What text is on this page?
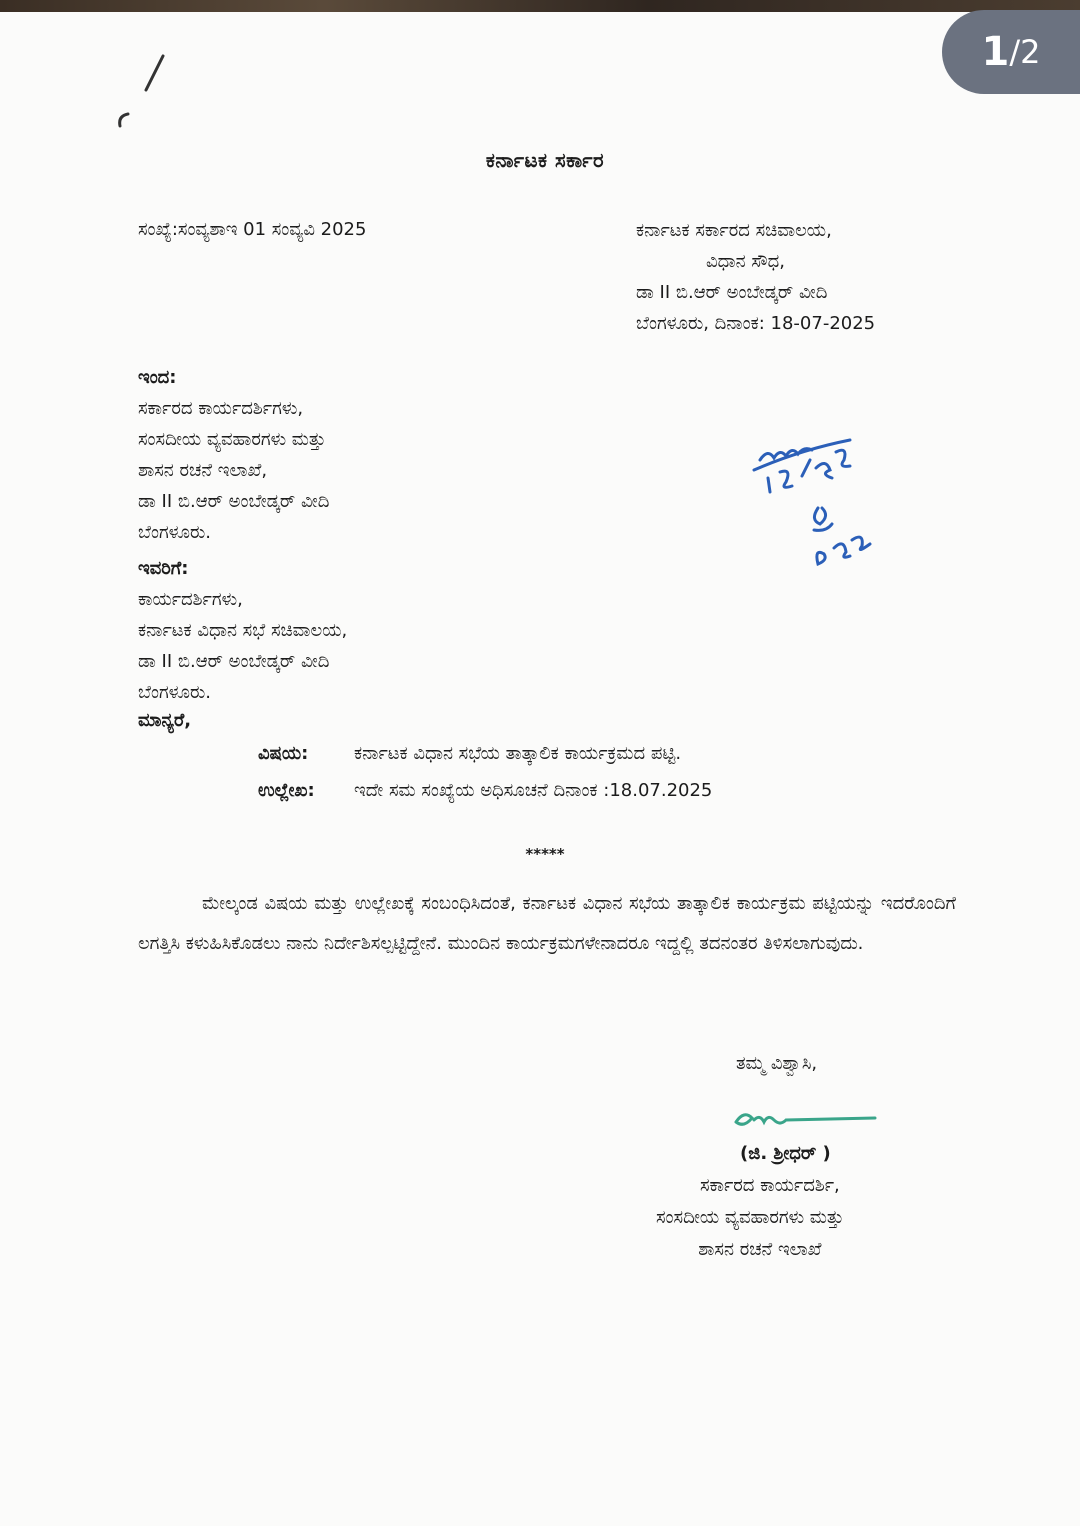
1 / 2
ಕರ್ನಾಟಕ ಸರ್ಕಾರ
ಸಂಖ್ಯೆ:ಸಂವ್ಯಶಾಇ 01 ಸಂವ್ಯವಿ 2025	ಕರ್ನಾಟಕ ಸರ್ಕಾರದ ಸಚಿವಾಲಯ,
ವಿಧಾನ ಸೌಧ,
ಡಾ II ಬಿ.ಆರ್ ಅಂಬೇಡ್ಕರ್ ವೀದಿ
ಬೆಂಗಳೂರು, ದಿನಾಂಕ: 18-07-2025
ಇಂದ:
ಸರ್ಕಾರದ ಕಾರ್ಯದರ್ಶಿಗಳು,
ಸಂಸದೀಯ ವ್ಯವಹಾರಗಳು ಮತ್ತು
ಶಾಸನ ರಚನೆ ಇಲಾಖೆ,
ಡಾ II ಬಿ.ಆರ್ ಅಂಬೇಡ್ಕರ್ ವೀದಿ
ಬೆಂಗಳೂರು.
ಇವರಿಗೆ:
ಕಾರ್ಯದರ್ಶಿಗಳು,
ಕರ್ನಾಟಕ ವಿಧಾನ ಸಭೆ ಸಚಿವಾಲಯ,
ಡಾ II ಬಿ.ಆರ್ ಅಂಬೇಡ್ಕರ್ ವೀದಿ
ಬೆಂಗಳೂರು.
ಮಾನ್ಯರೆ,
ವಿಷಯ:	ಕರ್ನಾಟಕ ವಿಧಾನ ಸಭೆಯ ತಾತ್ಕಾಲಿಕ ಕಾರ್ಯಕ್ರಮದ ಪಟ್ಟಿ.
ಉಲ್ಲೇಖ: ಇದೇ ಸಮ ಸಂಖ್ಯೆಯ ಅಧಿಸೂಚನೆ ದಿನಾಂಕ :18.07.2025
*****
ಮೇಲ್ಕಂಡ ವಿಷಯ ಮತ್ತು ಉಲ್ಲೇಖಕ್ಕೆ ಸಂಬಂಧಿಸಿದಂತೆ, ಕರ್ನಾಟಕ ವಿಧಾನ ಸಭೆಯ ತಾತ್ಕಾಲಿಕ ಕಾರ್ಯಕ್ರಮ ಪಟ್ಟಿಯನ್ನು ಇದರೊಂದಿಗೆ ಲಗತ್ತಿಸಿ ಕಳುಹಿಸಿಕೊಡಲು ನಾನು ನಿರ್ದೇಶಿಸಲ್ಪಟ್ಟಿದ್ದೇನೆ. ಮುಂದಿನ ಕಾರ್ಯಕ್ರಮಗಳೇನಾದರೂ ಇದ್ದಲ್ಲಿ ತದನಂತರ ತಿಳಿಸಲಾಗುವುದು.
ತಮ್ಮ ವಿಶ್ವಾಸಿ,
(ಜಿ. ಶ್ರೀಧರ್ )
ಸರ್ಕಾರದ ಕಾರ್ಯದರ್ಶಿ,
ಸಂಸದೀಯ ವ್ಯವಹಾರಗಳು ಮತ್ತು
ಶಾಸನ ರಚನೆ ಇಲಾಖೆ
